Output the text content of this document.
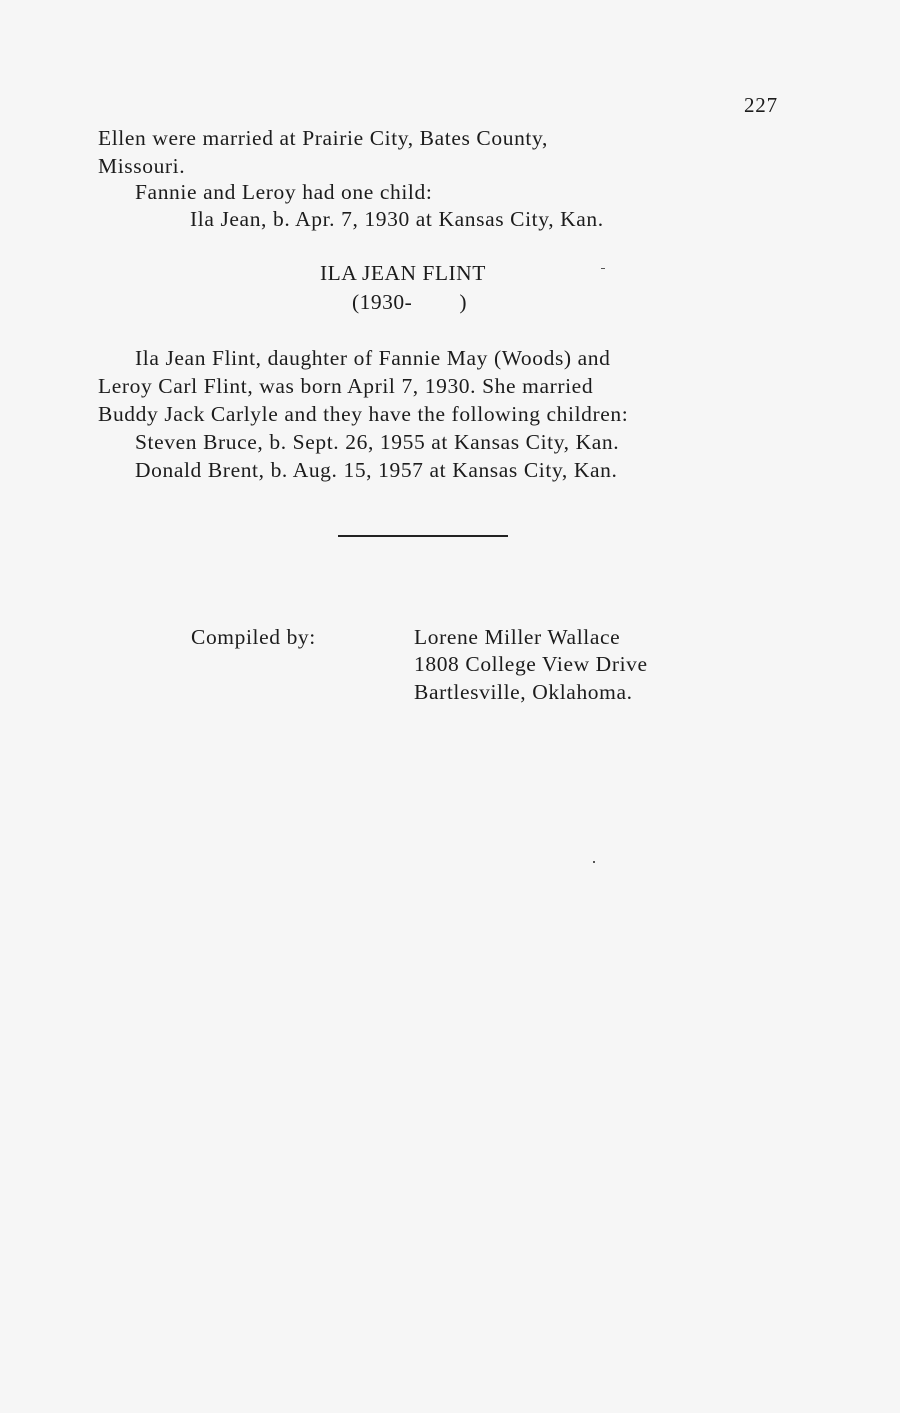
227
Ellen were married at Prairie City, Bates County,
Missouri.
Fannie and Leroy had one child:
Ila Jean, b. Apr. 7, 1930 at Kansas City, Kan.
ILA JEAN FLINT
(1930-        )
Ila Jean Flint, daughter of Fannie May (Woods) and
Leroy Carl Flint, was born April 7, 1930. She married
Buddy Jack Carlyle and they have the following children:
Steven Bruce, b. Sept. 26, 1955 at Kansas City, Kan.
Donald Brent, b. Aug. 15, 1957 at Kansas City, Kan.
Compiled by:	Lorene Miller Wallace
1808 College View Drive
Bartlesville, Oklahoma.
